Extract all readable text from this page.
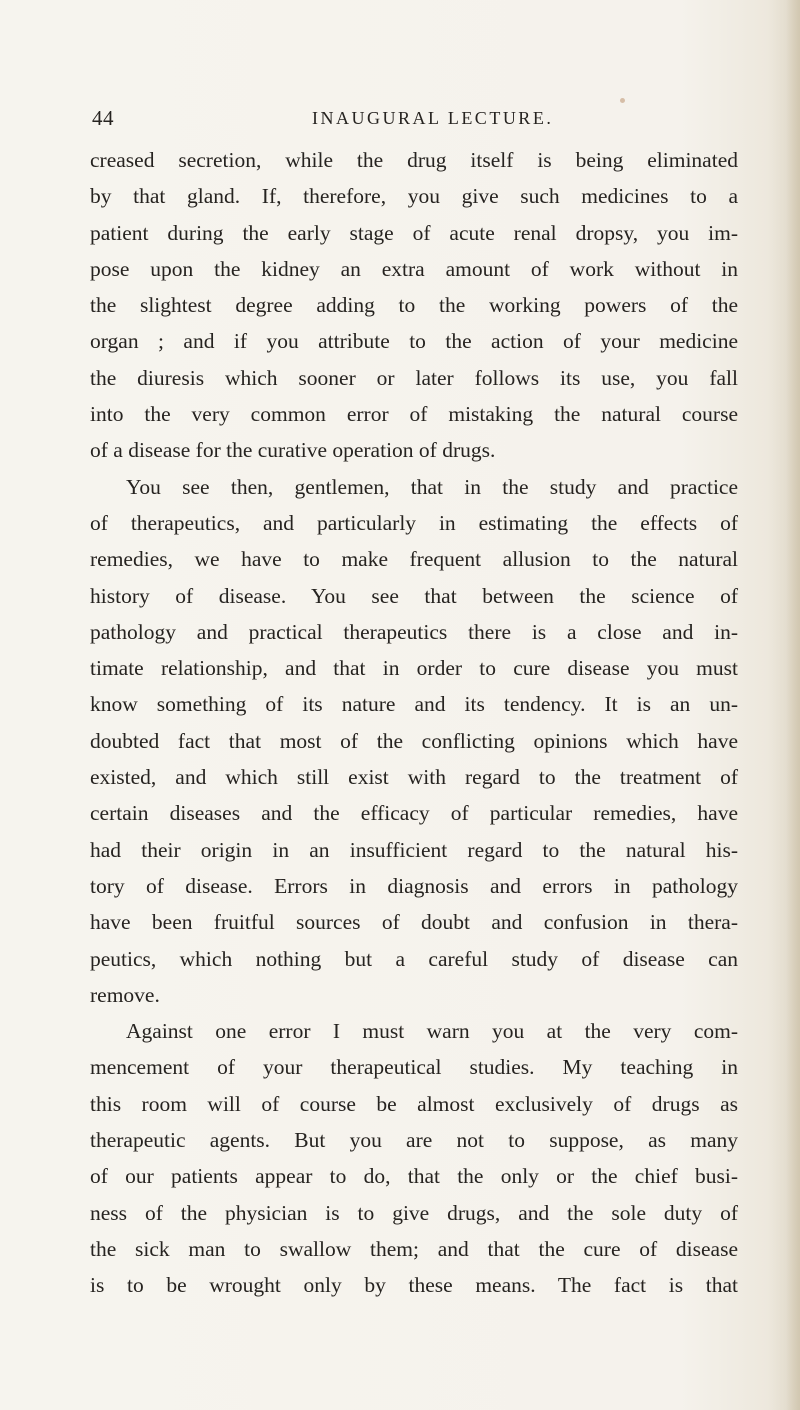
44	INAUGURAL LECTURE.
creased secretion, while the drug itself is being eliminated
by that gland. If, therefore, you give such medicines to a
patient during the early stage of acute renal dropsy, you im-
pose upon the kidney an extra amount of work without in
the slightest degree adding to the working powers of the
organ ; and if you attribute to the action of your medicine
the diuresis which sooner or later follows its use, you fall
into the very common error of mistaking the natural course
of a disease for the curative operation of drugs.
You see then, gentlemen, that in the study and practice
of therapeutics, and particularly in estimating the effects of
remedies, we have to make frequent allusion to the natural
history of disease. You see that between the science of
pathology and practical therapeutics there is a close and in-
timate relationship, and that in order to cure disease you must
know something of its nature and its tendency. It is an un-
doubted fact that most of the conflicting opinions which have
existed, and which still exist with regard to the treatment of
certain diseases and the efficacy of particular remedies, have
had their origin in an insufficient regard to the natural his-
tory of disease. Errors in diagnosis and errors in pathology
have been fruitful sources of doubt and confusion in thera-
peutics, which nothing but a careful study of disease can
remove.
Against one error I must warn you at the very com-
mencement of your therapeutical studies. My teaching in
this room will of course be almost exclusively of drugs as
therapeutic agents. But you are not to suppose, as many
of our patients appear to do, that the only or the chief busi-
ness of the physician is to give drugs, and the sole duty of
the sick man to swallow them; and that the cure of disease
is to be wrought only by these means. The fact is that
